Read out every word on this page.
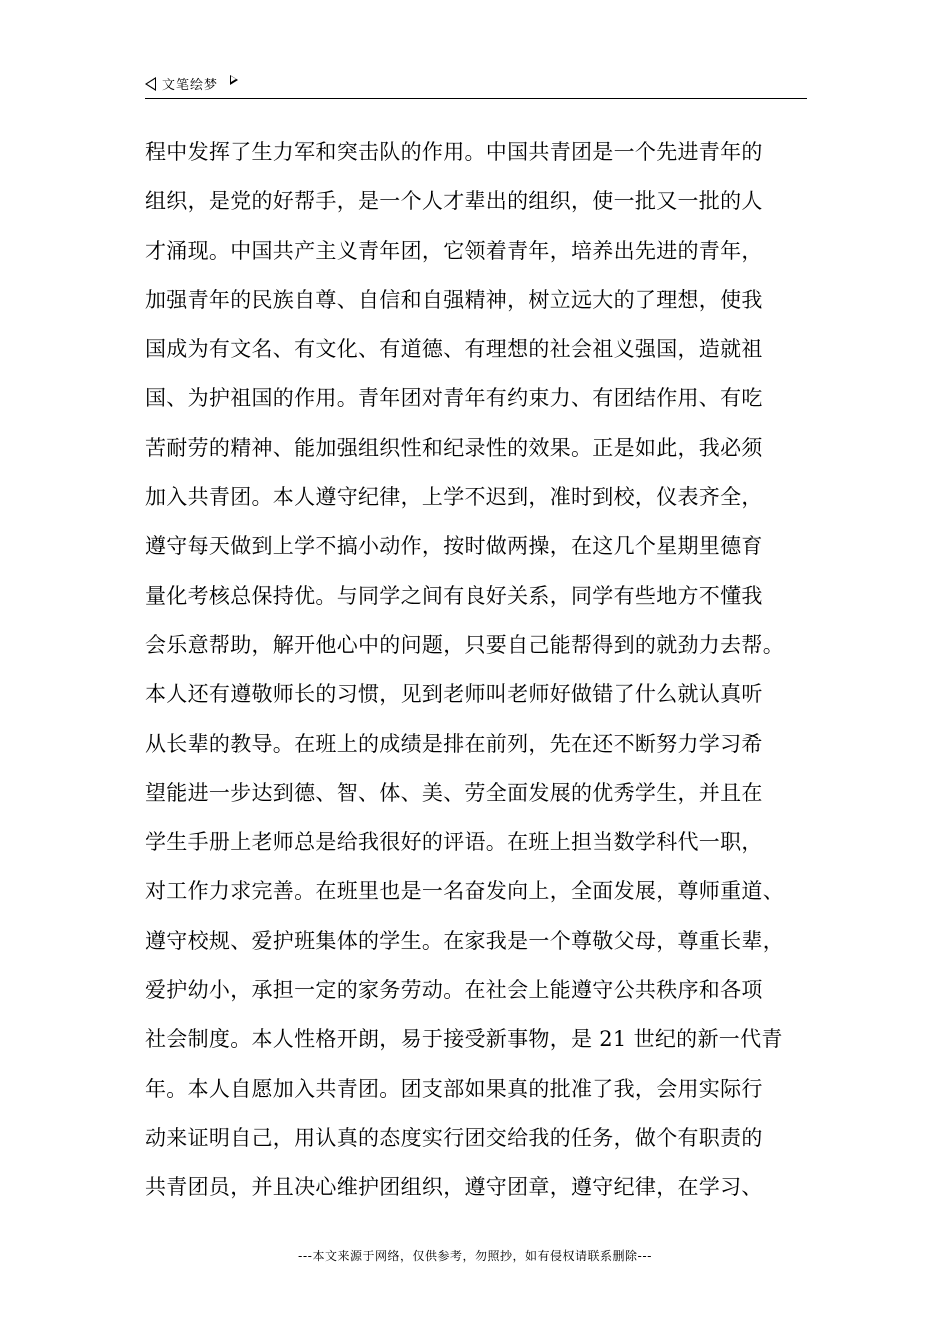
文笔绘梦
程中发挥了生力军和突击队的作用。中国共青团是一个先进青年的
组织，是党的好帮手，是一个人才辈出的组织，使一批又一批的人
才涌现。中国共产主义青年团，它领着青年，培养出先进的青年，
加强青年的民族自尊、自信和自强精神，树立远大的了理想，使我
国成为有文名、有文化、有道德、有理想的社会祖义强国，造就祖
国、为护祖国的作用。青年团对青年有约束力、有团结作用、有吃
苦耐劳的精神、能加强组织性和纪录性的效果。正是如此，我必须
加入共青团。本人遵守纪律，上学不迟到，准时到校，仪表齐全，
遵守每天做到上学不搞小动作，按时做两操，在这几个星期里德育
量化考核总保持优。与同学之间有良好关系，同学有些地方不懂我
会乐意帮助，解开他心中的问题，只要自己能帮得到的就劲力去帮。
本人还有遵敬师长的习惯，见到老师叫老师好做错了什么就认真听
从长辈的教导。在班上的成绩是排在前列，先在还不断努力学习希
望能进一步达到德、智、体、美、劳全面发展的优秀学生，并且在
学生手册上老师总是给我很好的评语。在班上担当数学科代一职，
对工作力求完善。在班里也是一名奋发向上，全面发展，尊师重道、
遵守校规、爱护班集体的学生。在家我是一个尊敬父母，尊重长辈，
爱护幼小，承担一定的家务劳动。在社会上能遵守公共秩序和各项
社会制度。本人性格开朗，易于接受新事物，是 21 世纪的新一代青
年。本人自愿加入共青团。团支部如果真的批准了我，会用实际行
动来证明自己，用认真的态度实行团交给我的任务，做个有职责的
共青团员，并且决心维护团组织，遵守团章，遵守纪律，在学习、
---本文来源于网络，仅供参考，勿照抄，如有侵权请联系删除---
